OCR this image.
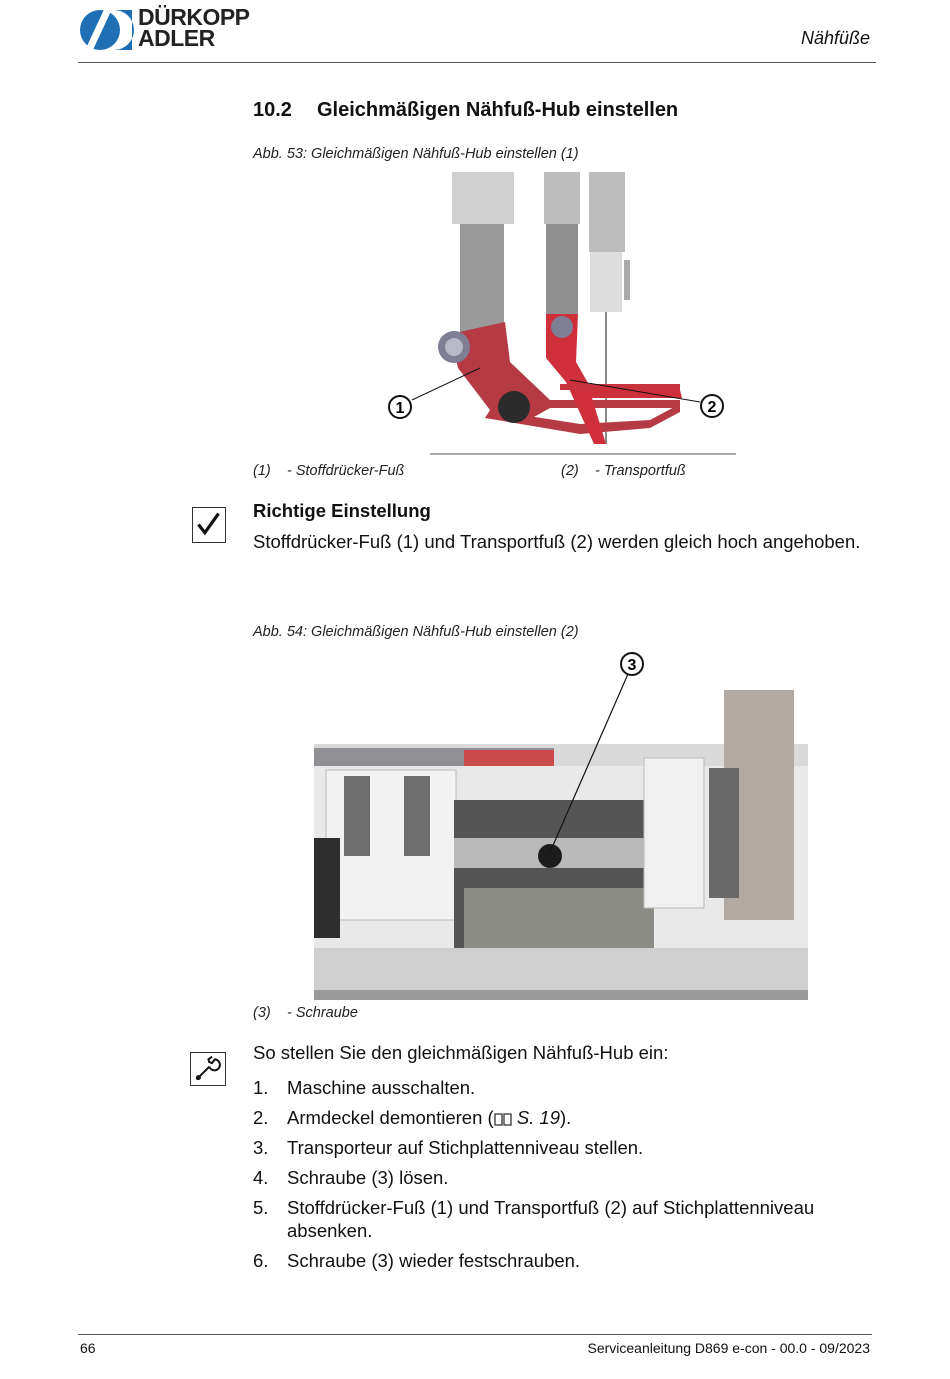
DÜRKOPP
ADLER	Nähfüße
10.2 Gleichmäßigen Nähfuß-Hub einstellen
Abb. 53: Gleichmäßigen Nähfuß-Hub einstellen (1)
1	2
(1) - Stoffdrücker-Fuß	(2) - Transportfuß
Richtige Einstellung
Stoffdrücker-Fuß (1) und Transportfuß (2) werden gleich hoch angehoben.
Abb. 54: Gleichmäßigen Nähfuß-Hub einstellen (2)
3
(3) - Schraube
So stellen Sie den gleichmäßigen Nähfuß-Hub ein:
1.	Maschine ausschalten.
2.	Armdeckel demontieren ( S. 19).
3.	Transporteur auf Stichplattenniveau stellen.
4.	Schraube (3) lösen.
5.	Stoffdrücker-Fuß (1) und Transportfuß (2) auf Stichplattenniveau absenken.
6.	Schraube (3) wieder festschrauben.
66	Serviceanleitung D869 e-con - 00.0 - 09/2023
